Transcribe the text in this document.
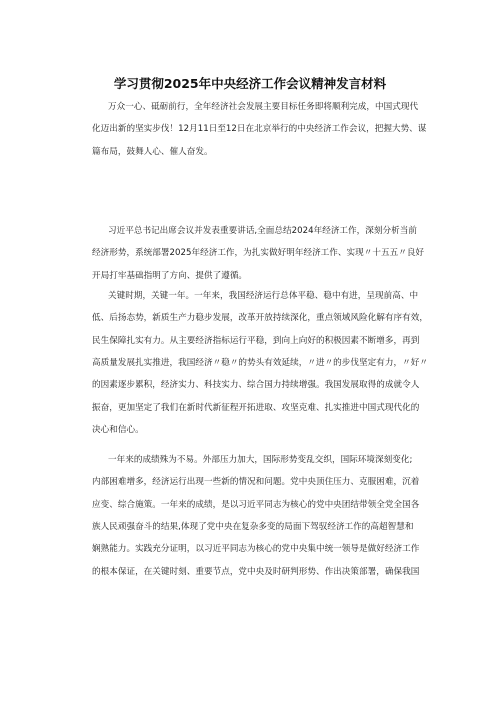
学习贯彻2025年中央经济工作会议精神发言材料
万众一心、砥砺前行，全年经济社会发展主要目标任务即将顺利完成，中国式现代
化迈出新的坚实步伐！12月11日至12日在北京举行的中央经济工作会议，把握大势、谋
篇布局，鼓舞人心、催人奋发。
习近平总书记出席会议并发表重要讲话,全面总结2024年经济工作，深刻分析当前
经济形势，系统部署2025年经济工作，为扎实做好明年经济工作、实现〃十五五〃良好
开局打牢基础指明了方向、提供了遵循。
关键时期，关键一年。一年来，我国经济运行总体平稳、稳中有进，呈现前高、中
低、后扬态势，新质生产力稳步发展，改革开放持续深化，重点领域风险化解有序有效，
民生保障扎实有力。从主要经济指标运行平稳，到向上向好的积极因素不断增多，再到
高质量发展扎实推进，我国经济〃稳〃的势头有效延续，〃进〃的步伐坚定有力，〃好〃
的因素逐步累积，经济实力、科技实力、综合国力持续增强。我国发展取得的成就令人
振奋，更加坚定了我们在新时代新征程开拓进取、攻坚克难、扎实推进中国式现代化的
决心和信心。
一年来的成绩殊为不易。外部压力加大，国际形势变乱交织，国际环境深刻变化;
内部困难增多，经济运行出现一些新的情况和问题。党中央顶住压力、克服困难，沉着
应变、综合施策。一年来的成绩，是以习近平同志为核心的党中央团结带领全党全国各
族人民顽强奋斗的结果,体现了党中央在复杂多变的局面下驾驭经济工作的高超智慧和
娴熟能力。实践充分证明，以习近平同志为核心的党中央集中统一领导是做好经济工作
的根本保证，在关键时刻、重要节点，党中央及时研判形势、作出决策部署，确保我国
